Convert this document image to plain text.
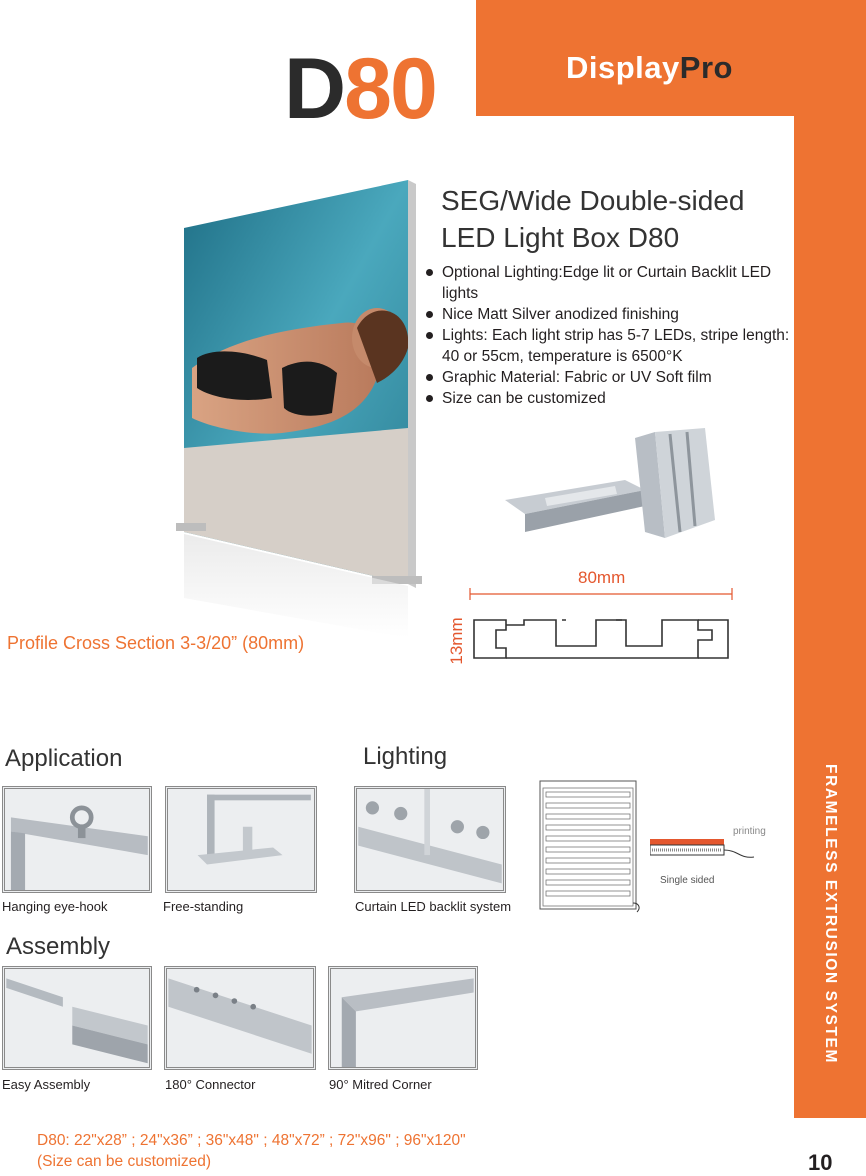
DisplayPro
D80
FRAMELESS EXTRUSION SYSTEM
SEG/Wide Double-sided
LED Light Box D80
Optional Lighting:Edge lit or Curtain Backlit LED lights
Nice Matt Silver anodized finishing
Lights: Each light strip has 5-7 LEDs, stripe length: 40 or 55cm, temperature is 6500°K
Graphic Material: Fabric or UV Soft film
Size can be customized
80mm
13mm
Profile Cross Section 3-3/20” (80mm)
Application
Hanging eye-hook	Free-standing
Lighting
Curtain LED backlit system
printing
Single sided
Assembly
Easy Assembly	180° Connector	90° Mitred Corner
D80: 22"x28” ; 24"x36” ; 36"x48" ; 48"x72” ; 72"x96" ; 96"x120"
(Size can be customized)	10
